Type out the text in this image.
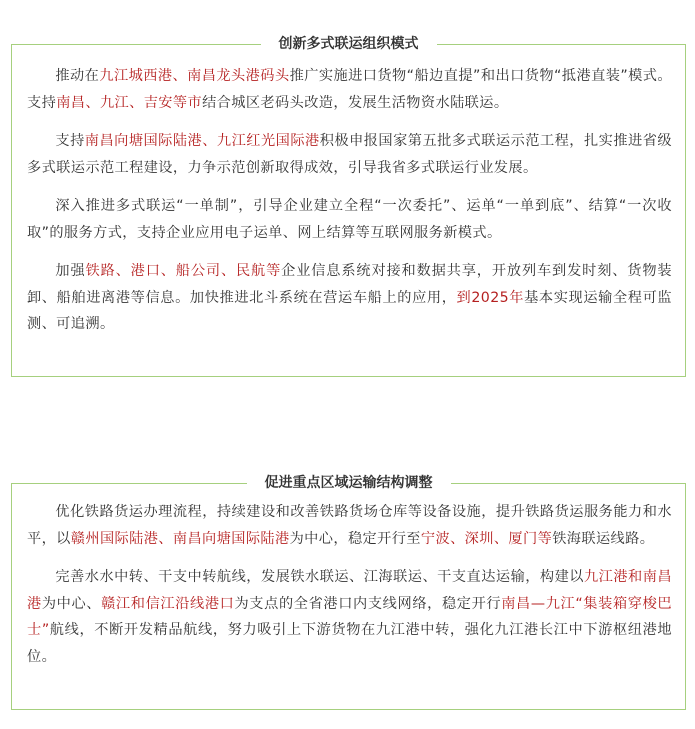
创新多式联运组织模式

推动在九江城西港、南昌龙头港码头推广实施进口货物“船边直提”和出口货物“抵港直装”模式。支持南昌、九江、吉安等市结合城区老码头改造，发展生活物资水陆联运。

支持南昌向塘国际陆港、九江红光国际港积极申报国家第五批多式联运示范工程，扎实推进省级多式联运示范工程建设，力争示范创新取得成效，引导我省多式联运行业发展。

深入推进多式联运“一单制”，引导企业建立全程“一次委托”、运单“一单到底”、结算“一次收取”的服务方式，支持企业应用电子运单、网上结算等互联网服务新模式。

加强铁路、港口、船公司、民航等企业信息系统对接和数据共享，开放列车到发时刻、货物装卸、船舶进离港等信息。加快推进北斗系统在营运车船上的应用，到2025年基本实现运输全程可监测、可追溯。

促进重点区域运输结构调整

优化铁路货运办理流程，持续建设和改善铁路货场仓库等设备设施，提升铁路货运服务能力和水平，以赣州国际陆港、南昌向塘国际陆港为中心，稳定开行至宁波、深圳、厦门等铁海联运线路。

完善水水中转、干支中转航线，发展铁水联运、江海联运、干支直达运输，构建以九江港和南昌港为中心、赣江和信江沿线港口为支点的全省港口内支线网络，稳定开行南昌—九江“集装箱穿梭巴士”航线，不断开发精品航线，努力吸引上下游货物在九江港中转，强化九江港长江中下游枢纽港地位。
